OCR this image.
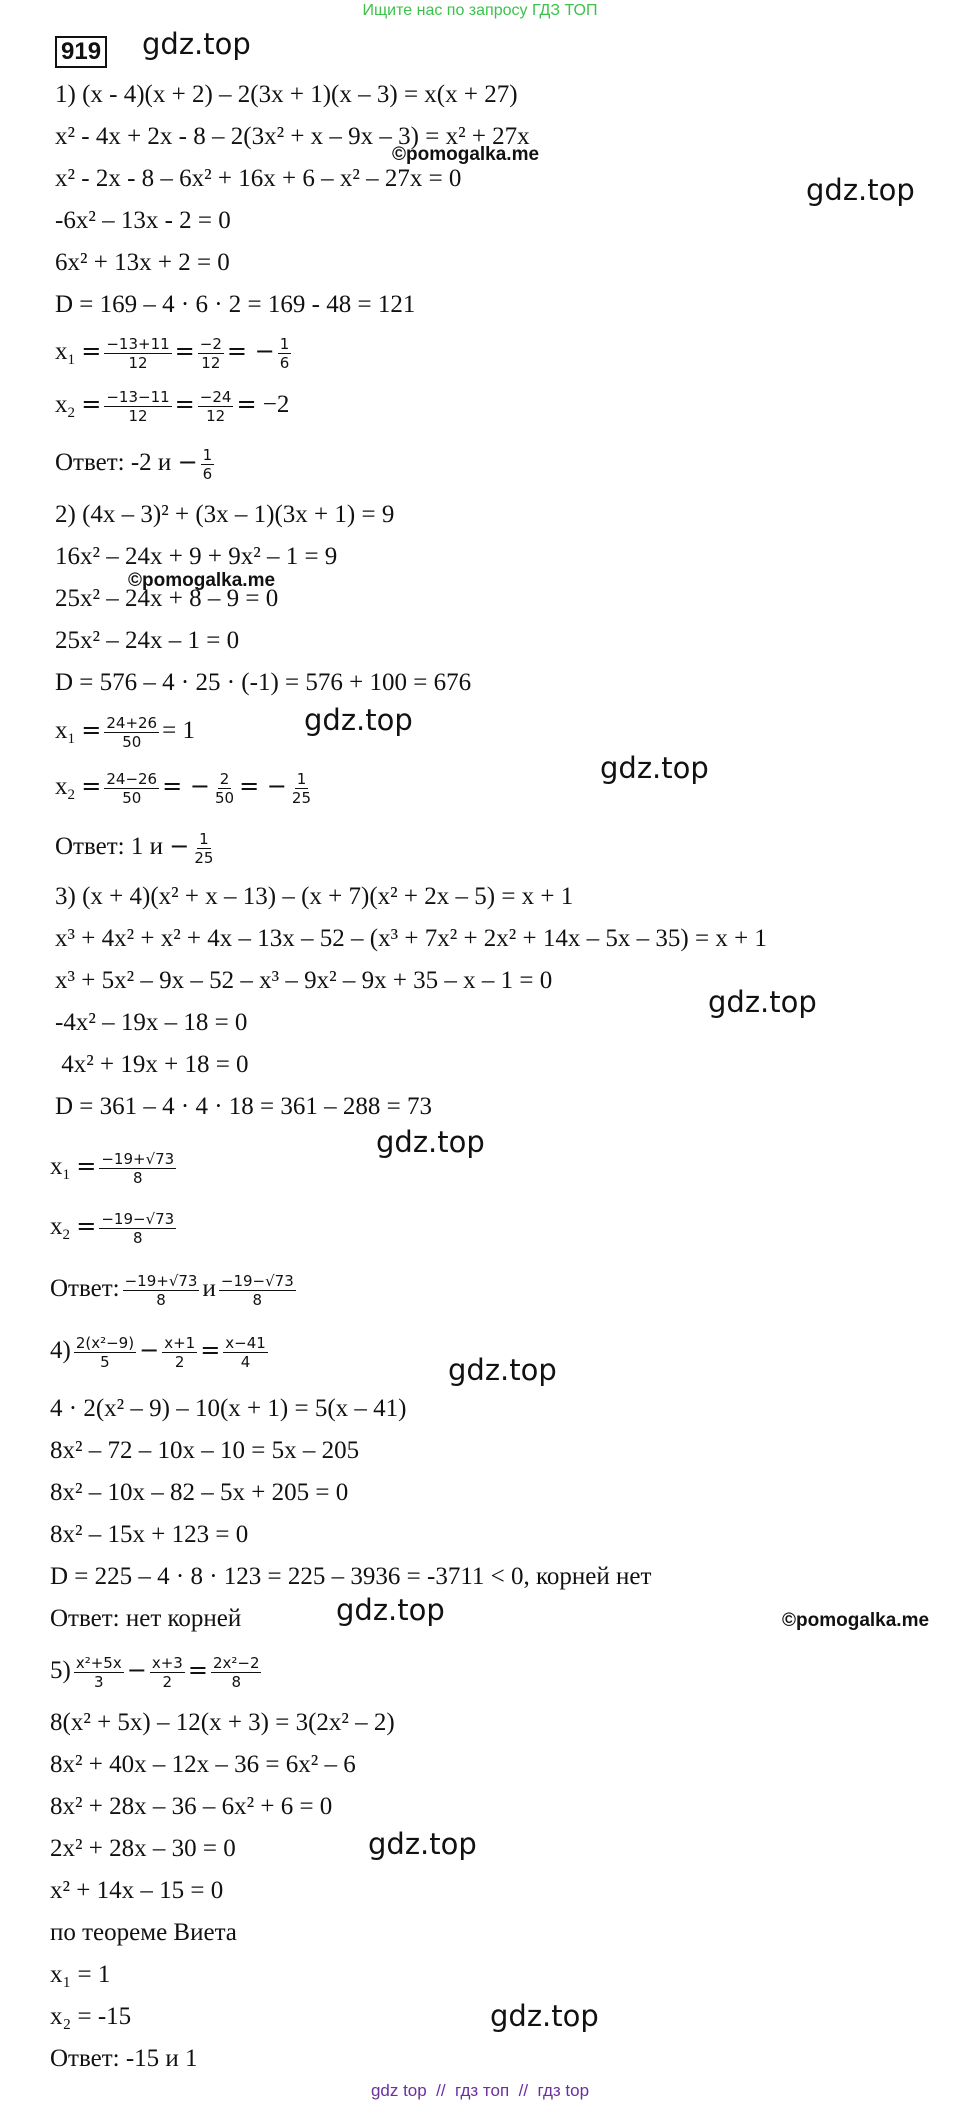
Ищите нас по запросу ГДЗ ТОП
919 gdz.top
1) (x - 4)(x + 2) – 2(3x + 1)(x – 3) = x(x + 27)
x² - 4x + 2x - 8 – 2(3x² + x – 9x – 3) = x² + 27x
©pomogalka.me
x² - 2x - 8 – 6x² + 16x + 6 – x² – 27x = 0	gdz.top
-6x² – 13x - 2 = 0
6x² + 13x + 2 = 0
D = 169 – 4 · 6 · 2 = 169 - 48 = 121
$x_1 = \frac{-13+11}{12} = \frac{-2}{12}$ = − $\frac{1}{6}$
$x_2 = \frac{-13-11}{12} = \frac{-24}{12} = -2$
Ответ: -2 $и - \frac{1}{6}$
2) (4x – 3)² + (3x – 1)(3x + 1) = 9
16x² – 24x + 9 + 9x² – 1 = 9
©pomogalka.me
25x² – 24x + 8 – 9 = 0
25x² – 24x – 1 = 0
D = 576 – 4 · 25 · (-1) = 576 + 100 = 676
gdz.top
$x_1 = \frac{24+26}{50} = 1$
gdz.top
$x_2 = \frac{24-26}{50}$ = − $\frac{2}{50}$ = − $\frac{1}{25}$
Ответ: 1 $и - \frac{1}{25}$
3) (x + 4)(x² + x – 13) – (x + 7)(x² + 2x – 5) = x + 1
x³ + 4x² + x² + 4x – 13x – 52 – (x³ + 7x² + 2x² + 14x – 5x – 35) = x + 1
x³ + 5x² – 9x – 52 – x³ – 9x² – 9x + 35 – x – 1 = 0
gdz.top
-4x² – 19x – 18 = 0
4x² + 19x + 18 = 0
D = 361 – 4 · 4 · 18 = 361 – 288 = 73
gdz.top
$x_1 = \frac{-19+√73}{8}$
$x_2 = \frac{-19-√73}{8}$
Ответ: $\frac{-19+√73}{8}$ и $\frac{-19-√73}{8}$
$4) \frac{\text{2(x²−9)}}{5} - \frac{x+1}{2} = \frac{x-41}{4}$	gdz.top
4 · 2(x² – 9) – 10(x + 1) = 5(x – 41)
8x² – 72 – 10x – 10 = 5x – 205
8x² – 10x – 82 – 5x + 205 = 0
8x² – 15x + 123 = 0
D = 225 – 4 · 8 · 123 = 225 – 3936 = -3711 < 0, корней нет
Ответ: нет корней	gdz.top	©pomogalka.me
$5) \frac{\text{x²+5x}}{3} - \frac{x+3}{2} = \frac{\text{2x²−2}}{8}$
8(x² + 5x) – 12(x + 3) = 3(2x² – 2)
8x² + 40x – 12x – 36 = 6x² – 6
8x² + 28x – 36 – 6x² + 6 = 0
2x² + 28x – 30 = 0	gdz.top
x² + 14x – 15 = 0
по теореме Виета
x₁ = 1
x₂ = -15	gdz.top
Ответ: -15 и 1
gdz top  //  гдз топ  //  гдз top
